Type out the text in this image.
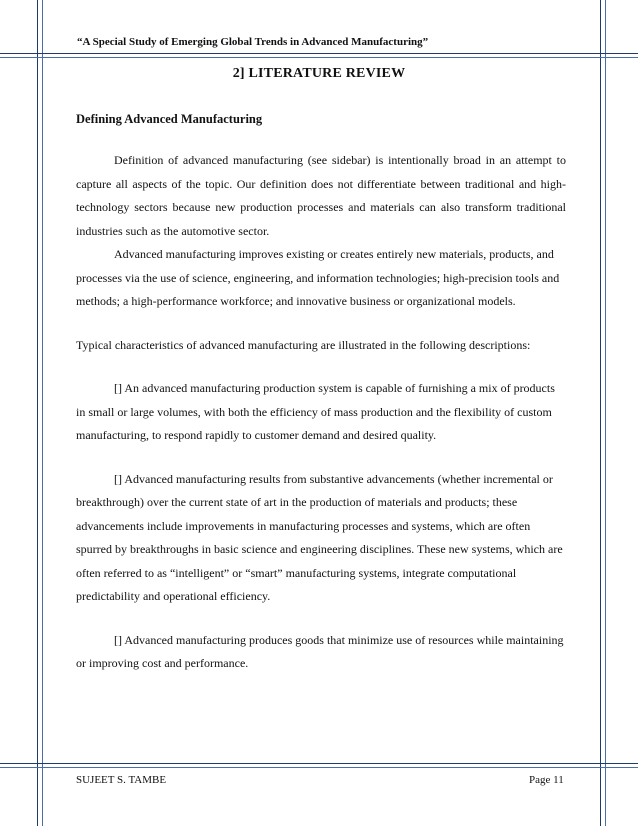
“A Special Study of Emerging Global Trends in Advanced Manufacturing”
2] LITERATURE REVIEW
Defining Advanced Manufacturing

Definition of advanced manufacturing (see sidebar) is intentionally broad in an attempt to capture all aspects of the topic. Our definition does not differentiate between traditional and high-technology sectors because new production processes and materials can also transform traditional industries such as the automotive sector.

Advanced manufacturing improves existing or creates entirely new materials, products, and processes via the use of science, engineering, and information technologies; high-precision tools and methods; a high-performance workforce; and innovative business or organizational models.

Typical characteristics of advanced manufacturing are illustrated in the following descriptions:

[] An advanced manufacturing production system is capable of furnishing a mix of products in small or large volumes, with both the efficiency of mass production and the flexibility of custom manufacturing, to respond rapidly to customer demand and desired quality.

[] Advanced manufacturing results from substantive advancements (whether incremental or breakthrough) over the current state of art in the production of materials and products; these advancements include improvements in manufacturing processes and systems, which are often spurred by breakthroughs in basic science and engineering disciplines. These new systems, which are often referred to as “intelligent” or “smart” manufacturing systems, integrate computational predictability and operational efficiency.

[] Advanced manufacturing produces goods that minimize use of resources while maintaining or improving cost and performance.

SUJEET S. TAMBE	Page 11
